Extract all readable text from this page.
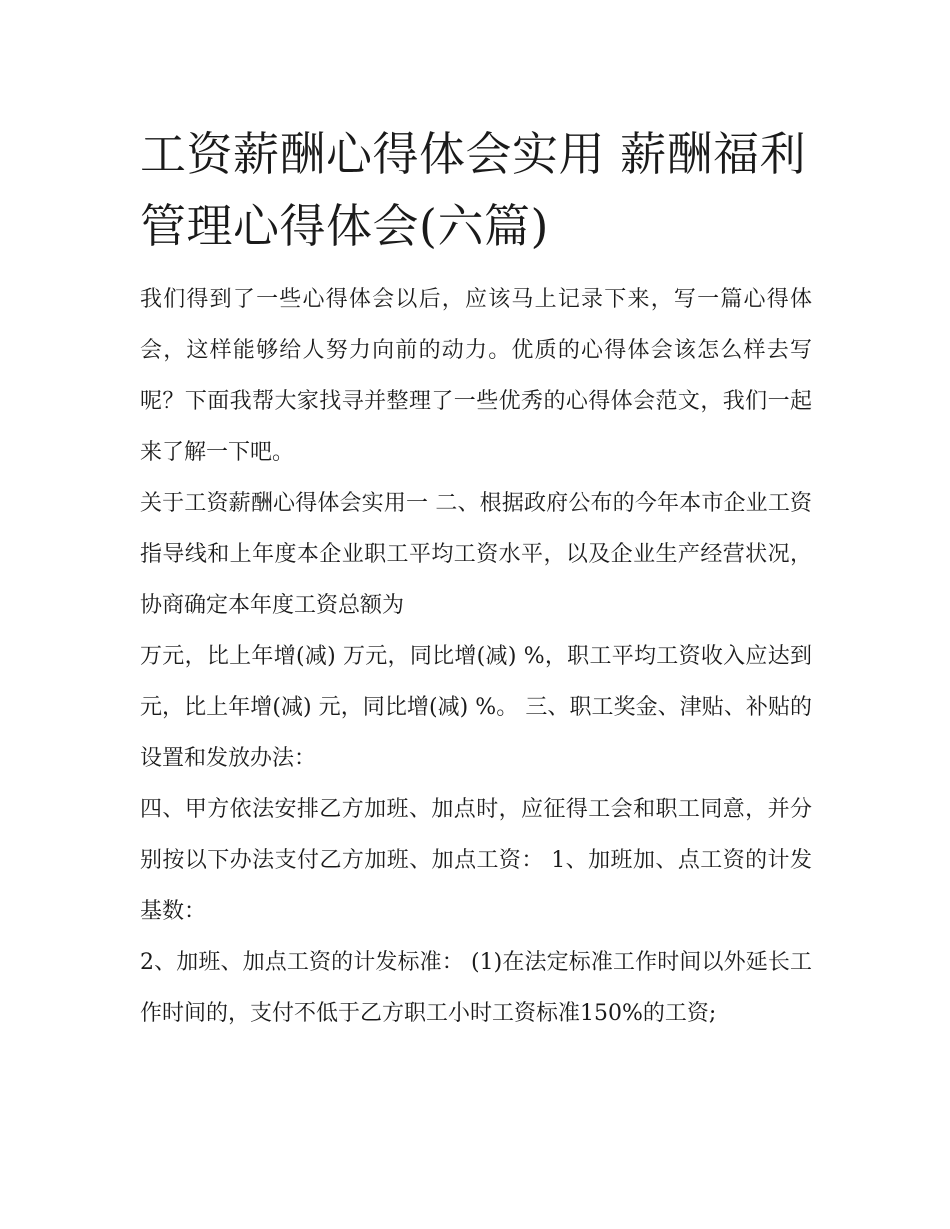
工资薪酬心得体会实用 薪酬福利管理心得体会(六篇)

我们得到了一些心得体会以后，应该马上记录下来，写一篇心得体会，这样能够给人努力向前的动力。优质的心得体会该怎么样去写呢？下面我帮大家找寻并整理了一些优秀的心得体会范文，我们一起来了解一下吧。

关于工资薪酬心得体会实用一 二、根据政府公布的今年本市企业工资指导线和上年度本企业职工平均工资水平，以及企业生产经营状况，协商确定本年度工资总额为

万元，比上年增(减) 万元，同比增(减) %，职工平均工资收入应达到 元，比上年增(减) 元，同比增(减) %。 三、职工奖金、津贴、补贴的设置和发放办法：

四、甲方依法安排乙方加班、加点时，应征得工会和职工同意，并分别按以下办法支付乙方加班、加点工资： 1、加班加、点工资的计发基数：

2、加班、加点工资的计发标准： (1)在法定标准工作时间以外延长工作时间的，支付不低于乙方职工小时工资标准150%的工资;
